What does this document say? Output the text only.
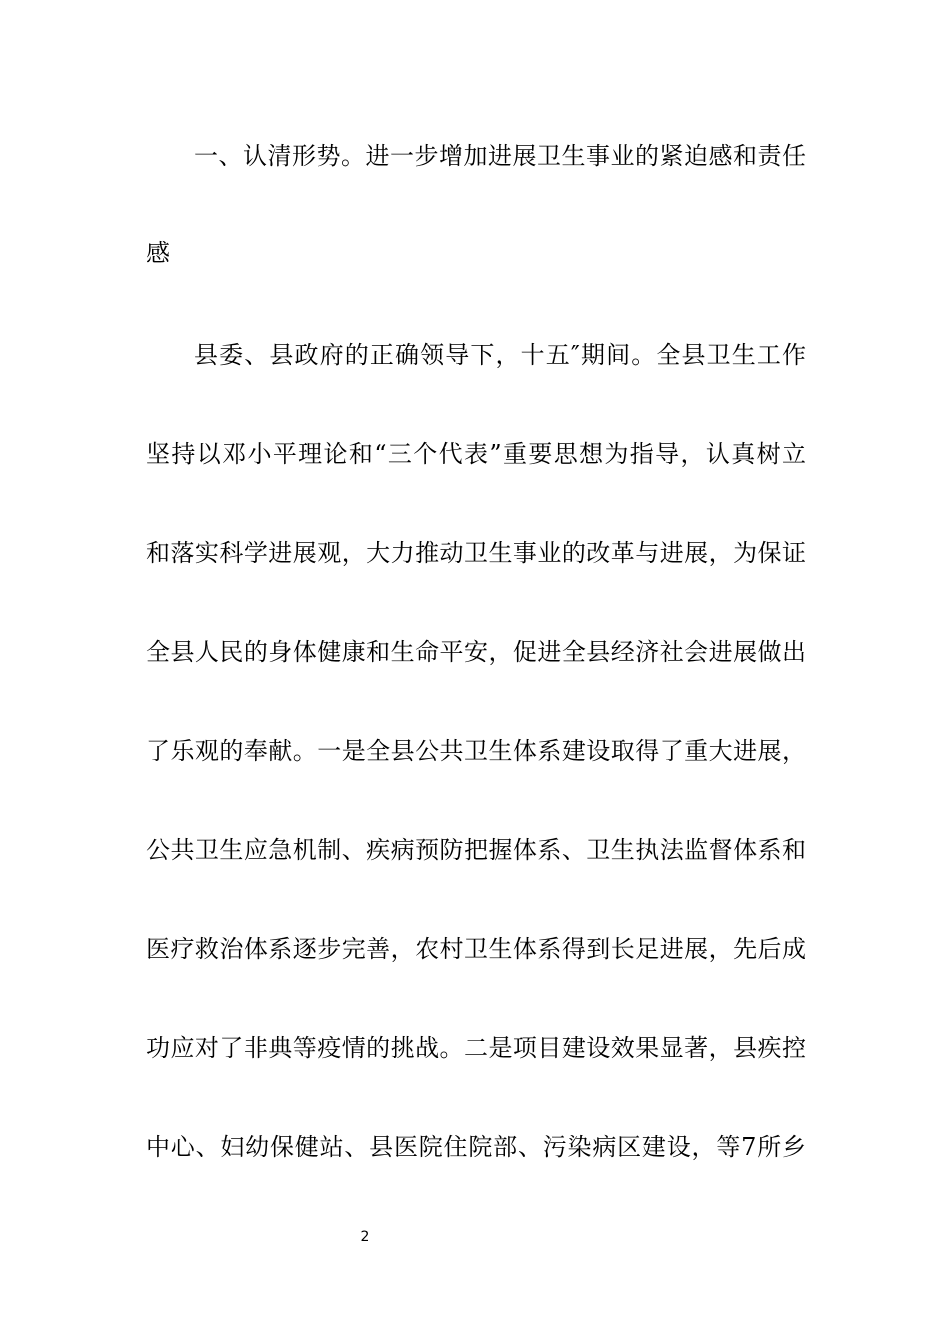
一、认清形势。进一步增加进展卫生事业的紧迫感和责任
感
县委、县政府的正确领导下，十五″期间。全县卫生工作
坚持以邓小平理论和“三个代表”重要思想为指导，认真树立
和落实科学进展观，大力推动卫生事业的改革与进展，为保证
全县人民的身体健康和生命平安，促进全县经济社会进展做出
了乐观的奉献。一是全县公共卫生体系建设取得了重大进展，
公共卫生应急机制、疾病预防把握体系、卫生执法监督体系和
医疗救治体系逐步完善，农村卫生体系得到长足进展，先后成
功应对了非典等疫情的挑战。二是项目建设效果显著，县疾控
中心、妇幼保健站、县医院住院部、污染病区建设，等7所乡
2
